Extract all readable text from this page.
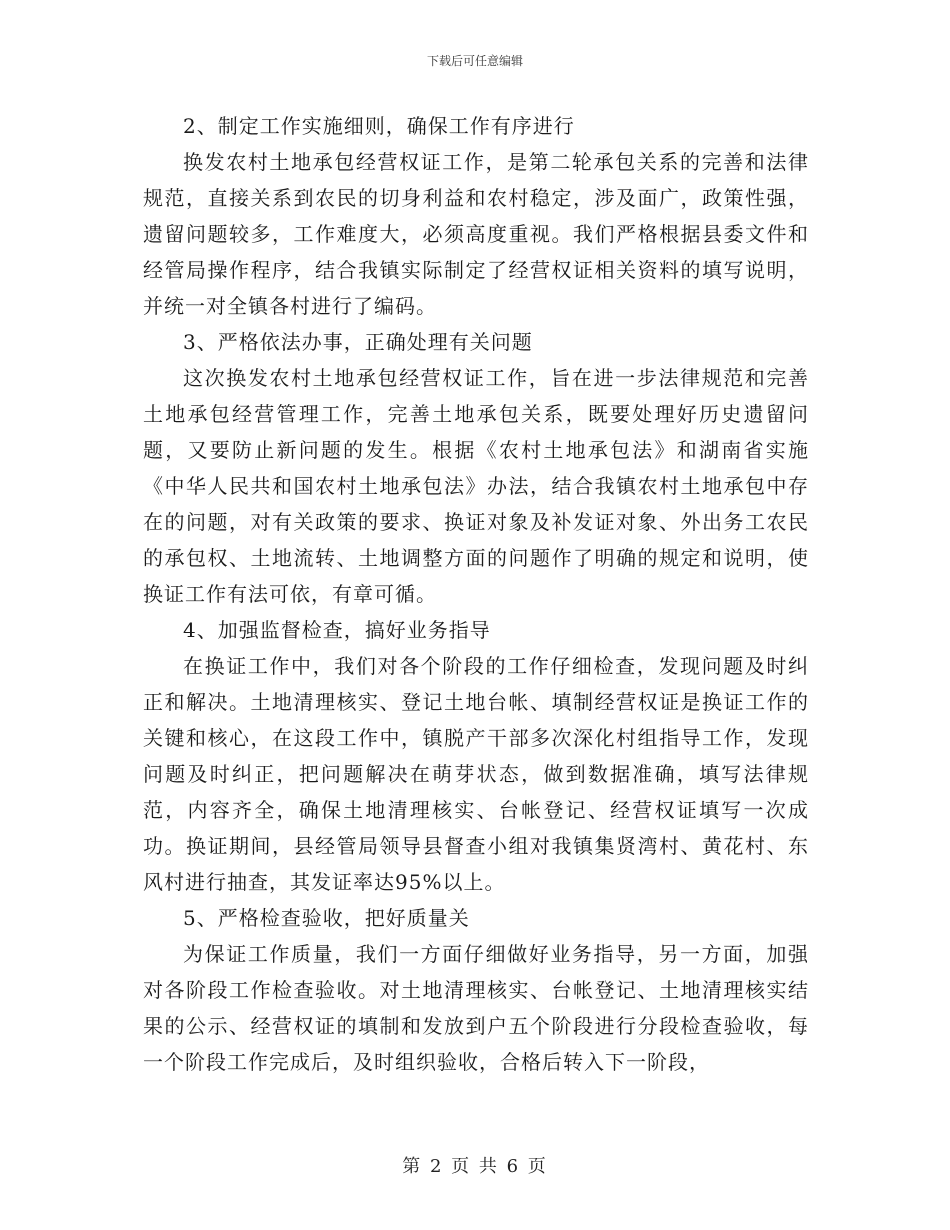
下载后可任意编辑

2、制定工作实施细则，确保工作有序进行

换发农村土地承包经营权证工作，是第二轮承包关系的完善和法律规范，直接关系到农民的切身利益和农村稳定，涉及面广，政策性强，遗留问题较多，工作难度大，必须高度重视。我们严格根据县委文件和经管局操作程序，结合我镇实际制定了经营权证相关资料的填写说明，并统一对全镇各村进行了编码。

3、严格依法办事，正确处理有关问题

这次换发农村土地承包经营权证工作，旨在进一步法律规范和完善土地承包经营管理工作，完善土地承包关系，既要处理好历史遗留问题，又要防止新问题的发生。根据《农村土地承包法》和湖南省实施《中华人民共和国农村土地承包法》办法，结合我镇农村土地承包中存在的问题，对有关政策的要求、换证对象及补发证对象、外出务工农民的承包权、土地流转、土地调整方面的问题作了明确的规定和说明，使换证工作有法可依，有章可循。

4、加强监督检查，搞好业务指导

在换证工作中，我们对各个阶段的工作仔细检查，发现问题及时纠正和解决。土地清理核实、登记土地台帐、填制经营权证是换证工作的关键和核心，在这段工作中，镇脱产干部多次深化村组指导工作，发现问题及时纠正，把问题解决在萌芽状态，做到数据准确，填写法律规范，内容齐全，确保土地清理核实、台帐登记、经营权证填写一次成功。换证期间，县经管局领导县督查小组对我镇集贤湾村、黄花村、东风村进行抽查，其发证率达95%以上。

5、严格检查验收，把好质量关

为保证工作质量，我们一方面仔细做好业务指导，另一方面，加强对各阶段工作检查验收。对土地清理核实、台帐登记、土地清理核实结果的公示、经营权证的填制和发放到户五个阶段进行分段检查验收，每一个阶段工作完成后，及时组织验收，合格后转入下一阶段，

第 2 页 共 6 页
